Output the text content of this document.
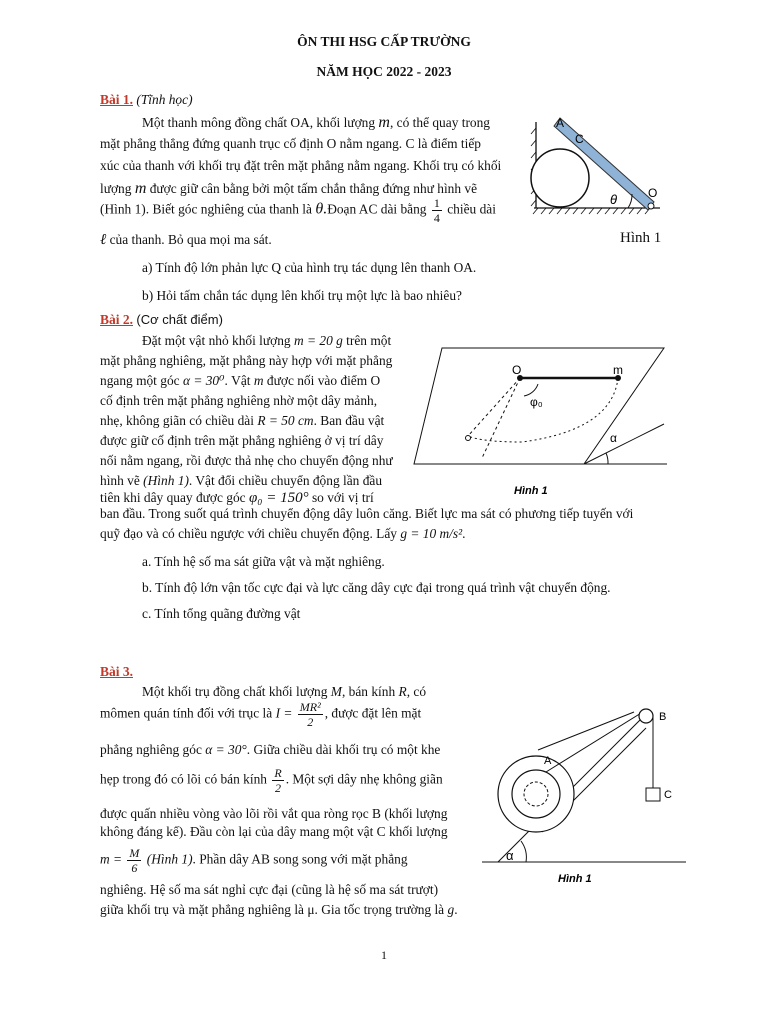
ÔN THI HSG CẤP TRƯỜNG
NĂM HỌC 2022 - 2023
Bài 1. (Tĩnh học)
Một thanh mông đồng chất OA, khối lượng m, có thể quay trong
mặt phẳng thẳng đứng quanh trục cố định O nằm ngang. C là điểm tiếp
xúc của thanh với khối trụ đặt trên mặt phẳng nằm ngang. Khối trụ có khối
lượng m được giữ cân bằng bởi một tấm chắn thẳng đứng như hình vẽ
(Hình 1). Biết góc nghiêng của thanh là θ.Đoạn AC dài bằng $\frac{1}{4}$ chiều dài
ℓ của thanh. Bỏ qua mọi ma sát.
a) Tính độ lớn phản lực Q của hình trụ tác dụng lên thanh OA.
b) Hỏi tấm chắn tác dụng lên khối trụ một lực là bao nhiêu?
A
C
O
θ
Hình 1
Bài 2. (Cơ chất điểm)
Đặt một vật nhỏ khối lượng m = 20 g trên một
mặt phẳng nghiêng, mặt phẳng này hợp với mặt phẳng
ngang một góc α = 30⁰. Vật m được nối vào điểm O
cố định trên mặt phẳng nghiêng nhờ một dây mảnh,
nhẹ, không giãn có chiều dài R = 50 cm. Ban đầu vật
được giữ cố định trên mặt phẳng nghiêng ở vị trí dây
nối nằm ngang, rồi được thả nhẹ cho chuyển động như
hình vẽ (Hình 1). Vật đổi chiều chuyển động lần đầu
tiên khi dây quay được góc φ₀ = 150° so với vị trí
ban đầu. Trong suốt quá trình chuyển động dây luôn căng. Biết lực ma sát có phương tiếp tuyến với
quỹ đạo và có chiều ngược với chiều chuyển động. Lấy g = 10 m/s².
a. Tính hệ số ma sát giữa vật và mặt nghiêng.
b. Tính độ lớn vận tốc cực đại và lực căng dây cực đại trong quá trình vật chuyển động.
c. Tính tổng quãng đường vật
O	m
φ₀
α
Hình 1
Bài 3.
Một khối trụ đồng chất khối lượng M, bán kính R, có
mômen quán tính đối với trục là $I = \frac{\text{MR²}}{2}$ , được đặt lên mặt
phẳng nghiêng góc α = 30°. Giữa chiều dài khối trụ có một khe
hẹp trong đó có lõi có bán kính $\frac{R}{2}$ . Một sợi dây nhẹ không giãn
được quấn nhiều vòng vào lõi rồi vắt qua ròng rọc B (khối lượng
không đáng kể). Đầu còn lại của dây mang một vật C khối lượng
$m = \frac{M}{6}$ (Hình 1). Phần dây AB song song với mặt phẳng
nghiêng. Hệ số ma sát nghỉ cực đại (cũng là hệ số ma sát trượt)
giữa khối trụ và mặt phẳng nghiêng là μ. Gia tốc trọng trường là g.
A
B
C
α
Hình 1
1
